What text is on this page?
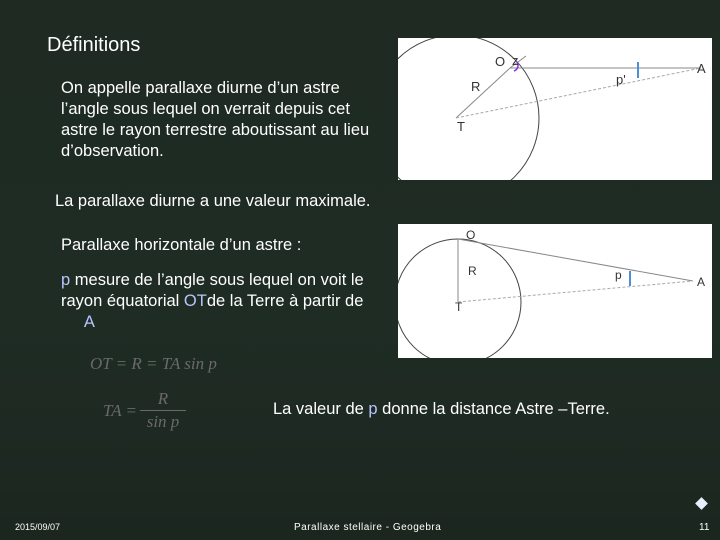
Définitions
On appelle parallaxe diurne d’un astre l’angle sous lequel on verrait depuis cet astre le rayon terrestre aboutissant au lieu d’observation.
O z
R
T
p'
A
La parallaxe diurne a une valeur maximale.
Parallaxe horizontale d’un astre :
p mesure de l’angle sous lequel on voit le rayon équatorial OTde la Terre à partir de
A
O
R
T
p	A
OT = R = TA sin p
TA =
R
sin p
La valeur de p donne la distance Astre –Terre.
2015/09/07	Parallaxe stellaire - Geogebra	11
